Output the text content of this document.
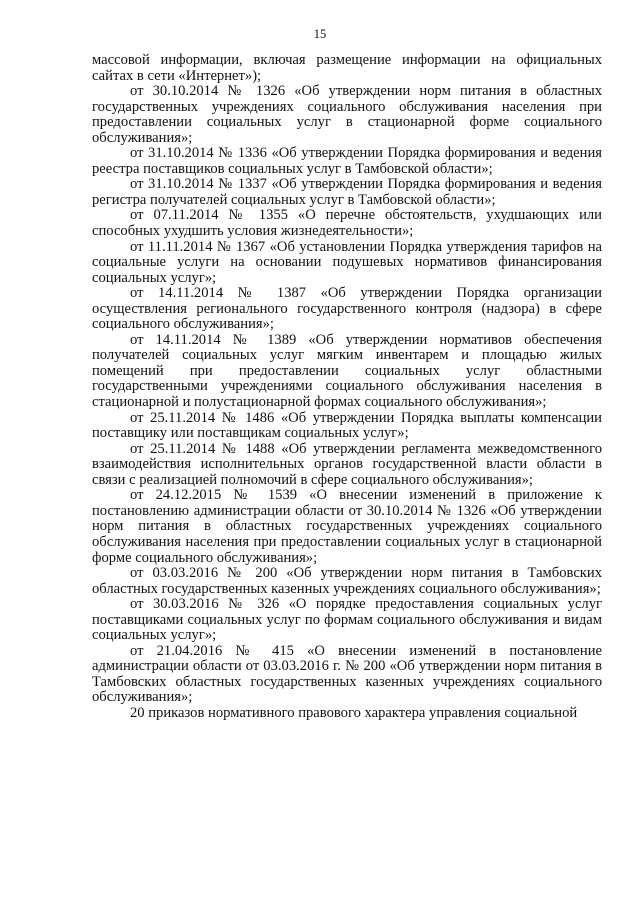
15

массовой информации, включая размещение информации на официальных сайтах в сети «Интернет»);

от 30.10.2014 № 1326 «Об утверждении норм питания в областных государственных учреждениях социального обслуживания населения при предоставлении социальных услуг в стационарной форме социального обслуживания»;

от 31.10.2014 № 1336 «Об утверждении Порядка формирования и ведения реестра поставщиков социальных услуг в Тамбовской области»;

от 31.10.2014 № 1337 «Об утверждении Порядка формирования и ведения регистра получателей социальных услуг в Тамбовской области»;

от 07.11.2014 № 1355 «О перечне обстоятельств, ухудшающих или способных ухудшить условия жизнедеятельности»;

от 11.11.2014 № 1367 «Об установлении Порядка утверждения тарифов на социальные услуги на основании подушевых нормативов финансирования социальных услуг»;

от 14.11.2014 № 1387 «Об утверждении Порядка организации осуществления регионального государственного контроля (надзора) в сфере социального обслуживания»;

от 14.11.2014 № 1389 «Об утверждении нормативов обеспечения получателей социальных услуг мягким инвентарем и площадью жилых помещений при предоставлении социальных услуг областными государственными учреждениями социального обслуживания населения в стационарной и полустационарной формах социального обслуживания»;

от 25.11.2014 № 1486 «Об утверждении Порядка выплаты компенсации поставщику или поставщикам социальных услуг»;

от 25.11.2014 № 1488 «Об утверждении регламента межведомственного взаимодействия исполнительных органов государственной власти области в связи с реализацией полномочий в сфере социального обслуживания»;

от 24.12.2015 № 1539 «О внесении изменений в приложение к постановлению администрации области от 30.10.2014 № 1326 «Об утверждении норм питания в областных государственных учреждениях социального обслуживания населения при предоставлении социальных услуг в стационарной форме социального обслуживания»;

от 03.03.2016 № 200 «Об утверждении норм питания в Тамбовских областных государственных казенных учреждениях социального обслуживания»;

от 30.03.2016 № 326 «О порядке предоставления социальных услуг поставщиками социальных услуг по формам социального обслуживания и видам социальных услуг»;

от 21.04.2016 № 415 «О внесении изменений в постановление администрации области от 03.03.2016 г. № 200 «Об утверждении норм питания в Тамбовских областных государственных казенных учреждениях социального обслуживания»;

20 приказов нормативного правового характера управления социальной
